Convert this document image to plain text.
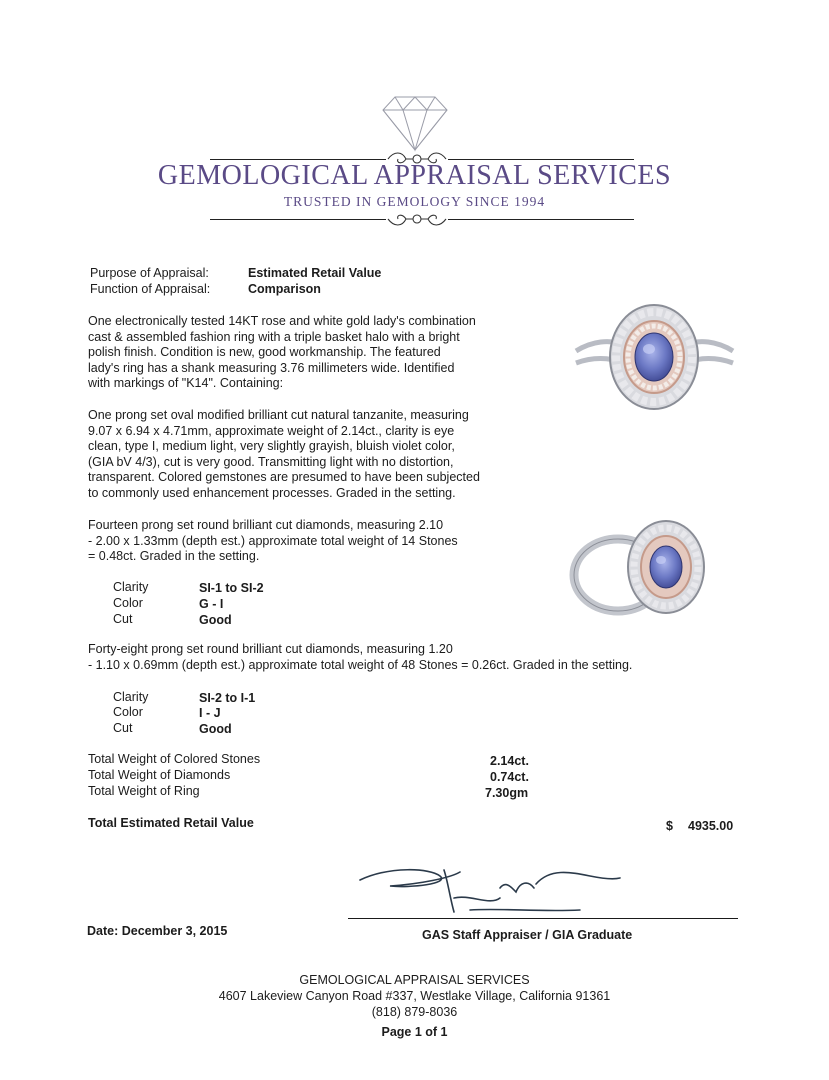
GEMOLOGICAL APPRAISAL SERVICES
TRUSTED IN GEMOLOGY SINCE 1994
Purpose of Appraisal:	Estimated Retail Value
Function of Appraisal:	Comparison
One electronically tested 14KT rose and white gold lady's combination
cast & assembled fashion ring with a triple basket halo with a bright
polish finish. Condition is new, good workmanship. The featured
lady's ring has a shank measuring 3.76 millimeters wide. Identified
with markings of "K14". Containing:
One prong set oval modified brilliant cut natural tanzanite, measuring
9.07 x 6.94 x 4.71mm, approximate weight of 2.14ct., clarity is eye
clean, type I, medium light, very slightly grayish, bluish violet color,
(GIA bV 4/3), cut is very good. Transmitting light with no distortion,
transparent. Colored gemstones are presumed to have been subjected
to commonly used enhancement processes. Graded in the setting.
Fourteen prong set round brilliant cut diamonds, measuring 2.10
- 2.00 x 1.33mm (depth est.) approximate total weight of 14 Stones
= 0.48ct. Graded in the setting.
Clarity	SI-1 to SI-2
Color	G - I
Cut	Good
Forty-eight prong set round brilliant cut diamonds, measuring 1.20
- 1.10 x 0.69mm (depth est.) approximate total weight of 48 Stones = 0.26ct. Graded in the setting.
Clarity	SI-2 to I-1
Color	I - J
Cut	Good
Total Weight of Colored Stones	2.14ct.
Total Weight of Diamonds	0.74ct.
Total Weight of Ring	7.30gm
Total Estimated Retail Value	$ 4935.00
Date: December 3, 2015	GAS Staff Appraiser / GIA Graduate
GEMOLOGICAL APPRAISAL SERVICES
4607 Lakeview Canyon Road #337, Westlake Village, California 91361
(818) 879-8036
Page 1 of 1
